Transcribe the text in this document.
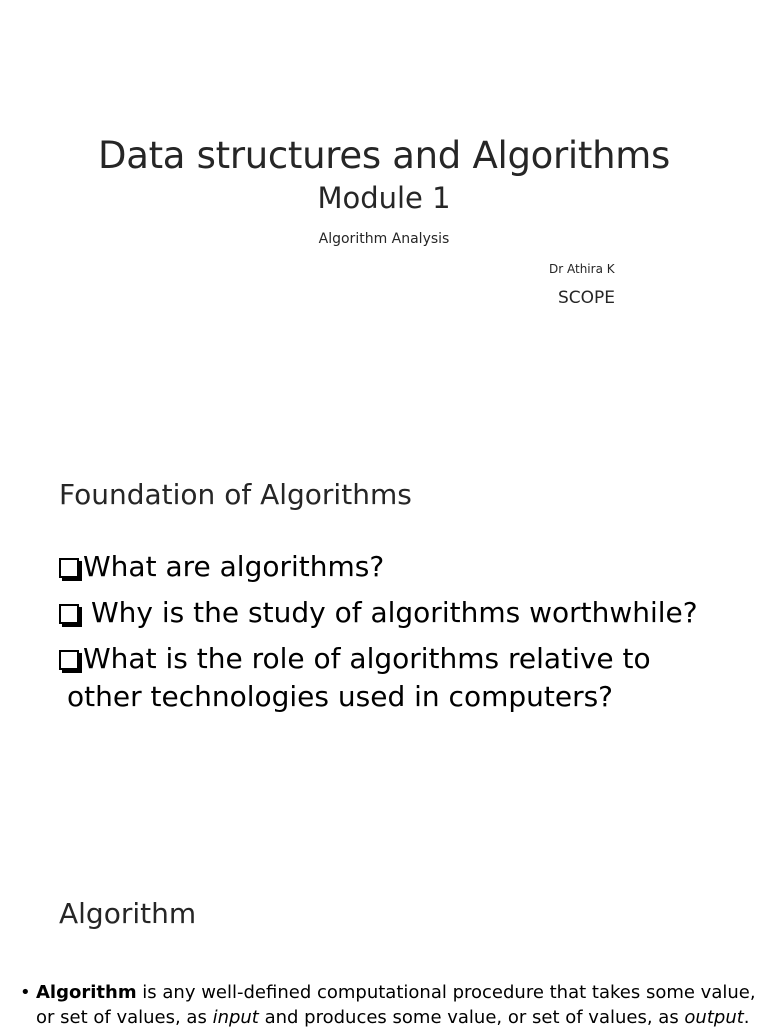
Data structures and Algorithms
Module 1
Algorithm Analysis
Dr Athira K
SCOPE
Foundation of Algorithms
What are algorithms?
Why is the study of algorithms worthwhile?
What is the role of algorithms relative to
other technologies used in computers?
Algorithm
• Algorithm is any well-defined computational procedure that takes some value, or set of values, as input and produces some value, or set of values, as output.
